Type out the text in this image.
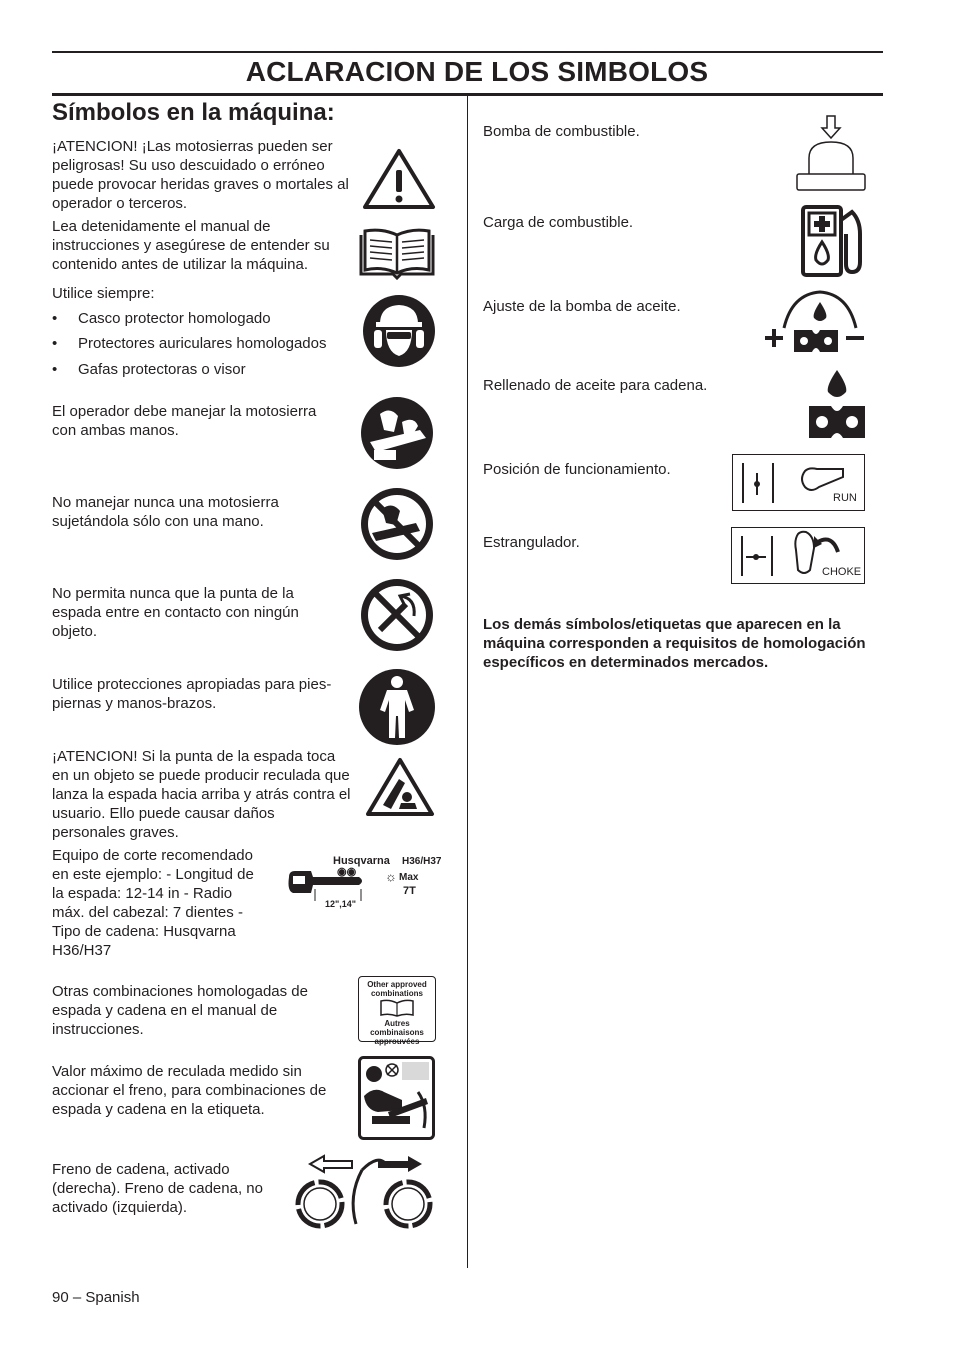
ACLARACION DE LOS SIMBOLOS
Símbolos en la máquina:
¡ATENCION! ¡Las motosierras pueden ser peligrosas! Su uso descuidado o erróneo puede provocar heridas graves o mortales al operador o terceros.
Lea detenidamente el manual de instrucciones y asegúrese de entender su contenido antes de utilizar la máquina.
Utilice siempre:
• Casco protector homologado
• Protectores auriculares homologados
• Gafas protectoras o visor
El operador debe manejar la motosierra con ambas manos.
No manejar nunca una motosierra sujetándola sólo con una mano.
No permita nunca que la punta de la espada entre en contacto con ningún objeto.
Utilice protecciones apropiadas para pies-piernas y manos-brazos.
¡ATENCION! Si la punta de la espada toca en un objeto se puede producir reculada que lanza la espada hacia arriba y atrás contra el usuario. Ello puede causar daños personales graves.
Equipo de corte recomendado en este ejemplo: - Longitud de la espada: 12-14 in - Radio máx. del cabezal: 7 dientes - Tipo de cadena: Husqvarna H36/H37
Otras combinaciones homologadas de espada y cadena en el manual de instrucciones.
Valor máximo de reculada medido sin accionar el freno, para combinaciones de espada y cadena en la etiqueta.
Freno de cadena, activado (derecha). Freno de cadena, no activado (izquierda).
Husqvarna H36/H37
◉◉ ☼ Max
7T
12",14"
Other approved combinations
Autres combinaisons approuvées
Bomba de combustible.
Carga de combustible.
Ajuste de la bomba de aceite.
Rellenado de aceite para cadena.
Posición de funcionamiento.
Estrangulador.
Los demás símbolos/etiquetas que aparecen en la máquina corresponden a requisitos de homologación específicos en determinados mercados.
RUN
CHOKE
90 – Spanish
